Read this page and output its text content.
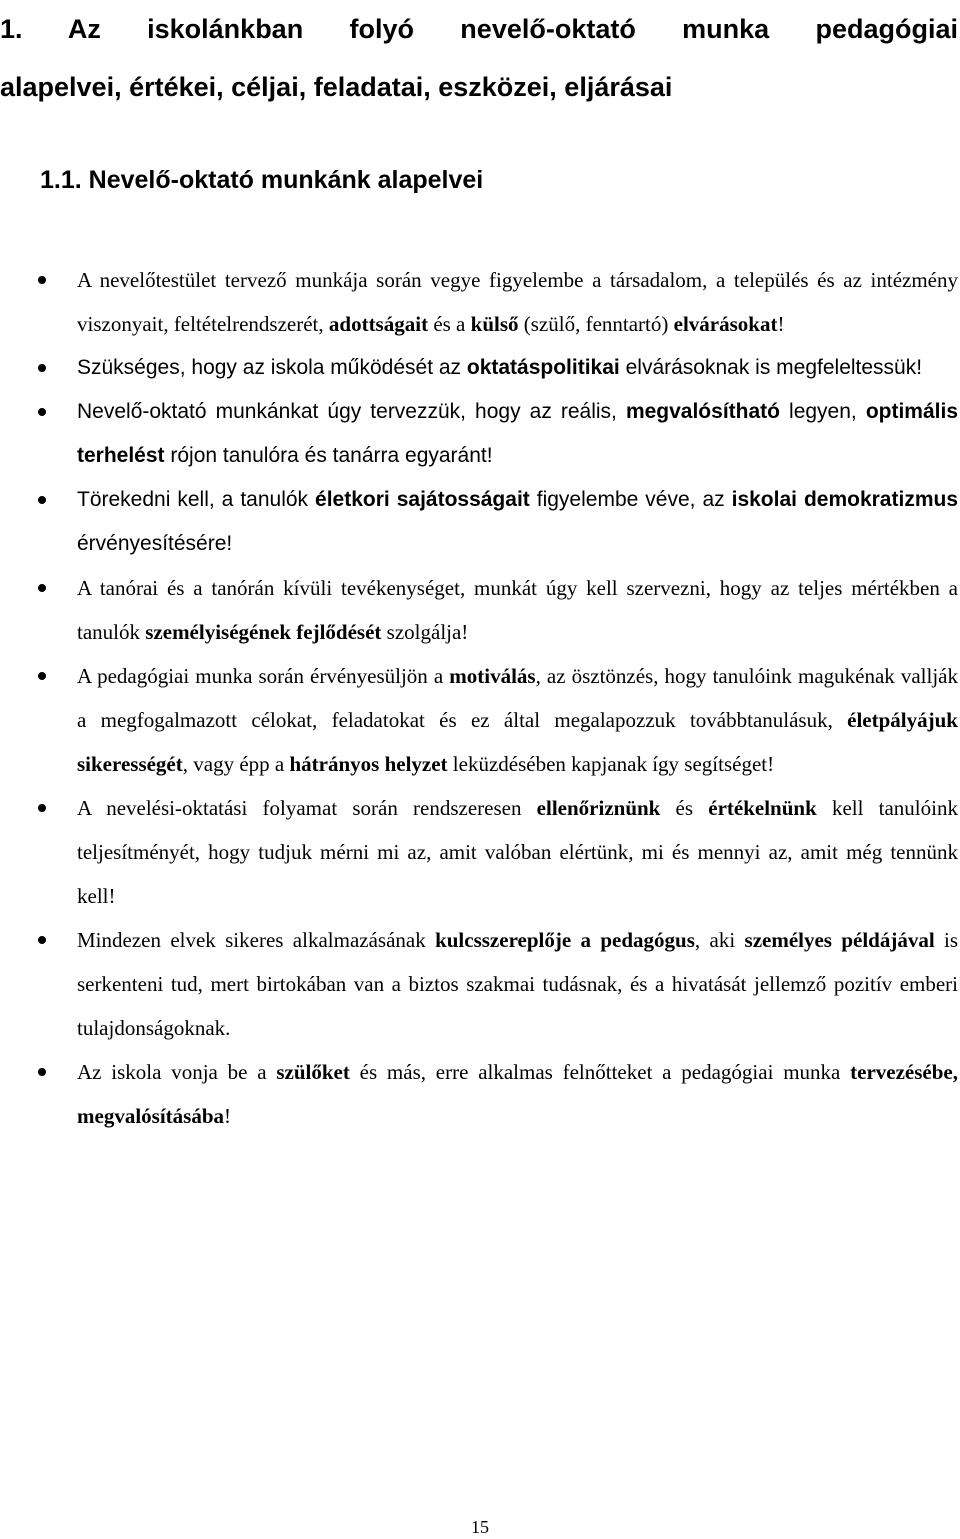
1. Az iskolánkban folyó nevelő-oktató munka pedagógiai
alapelvei, értékei, céljai, feladatai, eszközei, eljárásai
1.1. Nevelő-oktató munkánk alapelvei
A nevelőtestület tervező munkája során vegye figyelembe a társadalom, a település és az intézmény viszonyait, feltételrendszerét, adottságait és a külső (szülő, fenntartó) elvárásokat!
Szükséges, hogy az iskola működését az oktatáspolitikai elvárásoknak is megfeleltessük!
Nevelő-oktató munkánkat úgy tervezzük, hogy az reális, megvalósítható legyen, optimális terhelést rójon tanulóra és tanárra egyaránt!
Törekedni kell, a tanulók életkori sajátosságait figyelembe véve, az iskolai demokratizmus érvényesítésére!
A tanórai és a tanórán kívüli tevékenységet, munkát úgy kell szervezni, hogy az teljes mértékben a tanulók személyiségének fejlődését szolgálja!
A pedagógiai munka során érvényesüljön a motiválás, az ösztönzés, hogy tanulóink magukénak vallják a megfogalmazott célokat, feladatokat és ez által megalapozzuk továbbtanulásuk, életpályájuk sikerességét, vagy épp a hátrányos helyzet leküzdésében kapjanak így segítséget!
A nevelési-oktatási folyamat során rendszeresen ellenőriznünk és értékelnünk kell tanulóink teljesítményét, hogy tudjuk mérni mi az, amit valóban elértünk, mi és mennyi az, amit még tennünk kell!
Mindezen elvek sikeres alkalmazásának kulcsszereplője a pedagógus, aki személyes példájával is serkenteni tud, mert birtokában van a biztos szakmai tudásnak, és a hivatását jellemző pozitív emberi tulajdonságoknak.
Az iskola vonja be a szülőket és más, erre alkalmas felnőtteket a pedagógiai munka tervezésébe, megvalósításába!
15
